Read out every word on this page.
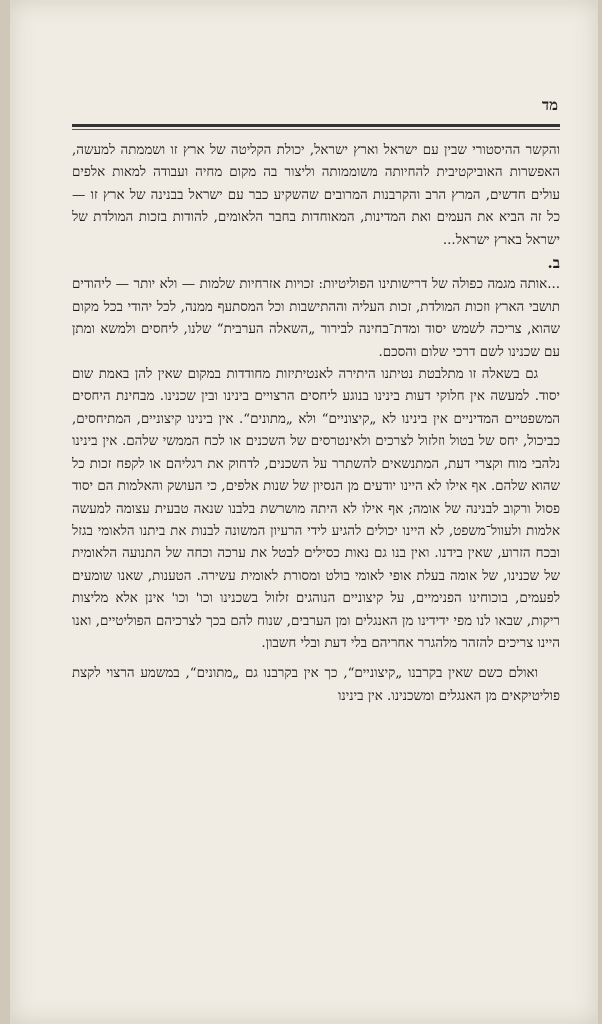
מד

והקשר ההיסטורי שבין עם ישראל וארץ ישראל, יכולת הקליטה של ארץ זו ושממתה למעשה, האפשרות האוביקטיבית להחיותה משוממותה וליצור בה מקום מחיה ועבודה למאות אלפים עולים חדשים, המרץ הרב והקרבנות המרובים שהשקיע כבר עם ישראל בבנינה של ארץ זו — כל זה הביא את העמים ואת המדינות, המאוחדות בחבר הלאומים, להודות בזכות המולדת של ישראל בארץ ישראל...

ב.

...אותה מגמה כפולה של דרישותינו הפוליטיות: זכויות אזרחיות שלמות — ולא יותר — ליהודים תושבי הארץ וזכות המולדת, זכות העליה וההתישבות וכל המסתעף ממנה, לכל יהודי בכל מקום שהוא, צריכה לשמש יסוד ומדת־בחינה לבירור „השאלה הערבית“ שלנו, ליחסים ולמשא ומתן עם שכנינו לשם דרכי שלום והסכם.

גם בשאלה זו מתלבטת נטיתנו היתירה לאנטיתיזות מחודדות במקום שאין להן באמת שום יסוד. למעשה אין חלוקי דעות בינינו בנוגע ליחסים הרצויים בינינו ובין שכנינו. מבחינת היחסים המשפטיים המדיניים אין בינינו לא „קיצוניים“ ולא „מתונים“. אין בינינו קיצוניים, המתיחסים, כביכול, יחס של בטול וזלזול לצרכים ולאינטרסים של השכנים או לכח הממשי שלהם. אין בינינו נלהבי מוח וקצרי דעת, המתנשאים להשתרר על השכנים, לדחוק את רגליהם או לקפח זכות כל שהוא שלהם. אף אילו לא היינו יודעים מן הנסיון של שנות אלפים, כי העושק והאלמות הם יסוד פסול ורקוב לבנינה של אומה; אף אילו לא היתה מושרשת בלבנו שנאה טבעית עצומה למעשה אלמות ולעוול־משפט, לא היינו יכולים להגיע לידי הרעיון המשונה לבנות את ביתנו הלאומי בגזל ובכח הזרוע, שאין בידנו. ואין בנו גם נאות כסילים לבטל את ערכה וכחה של התנועה הלאומית של שכנינו, של אומה בעלת אופי לאומי בולט ומסורת לאומית עשירה. הטענות, שאנו שומעים לפעמים, בוכוחינו הפנימיים, על קיצוניים הנוהגים זלזול בשכנינו וכו' וכו' אינן אלא מליצות ריקות, שבאו לנו מפי ידידינו מן האנגלים ומן הערבים, שנוח להם בכך לצרכיהם הפוליטיים, ואנו היינו צריכים להזהר מלהגרר אחריהם בלי דעת ובלי חשבון.

ואולם כשם שאין בקרבנו „קיצוניים“, כך אין בקרבנו גם „מתונים“, במשמע הרצוי לקצת פוליטיקאים מן האנגלים ומשכנינו. אין בינינו
